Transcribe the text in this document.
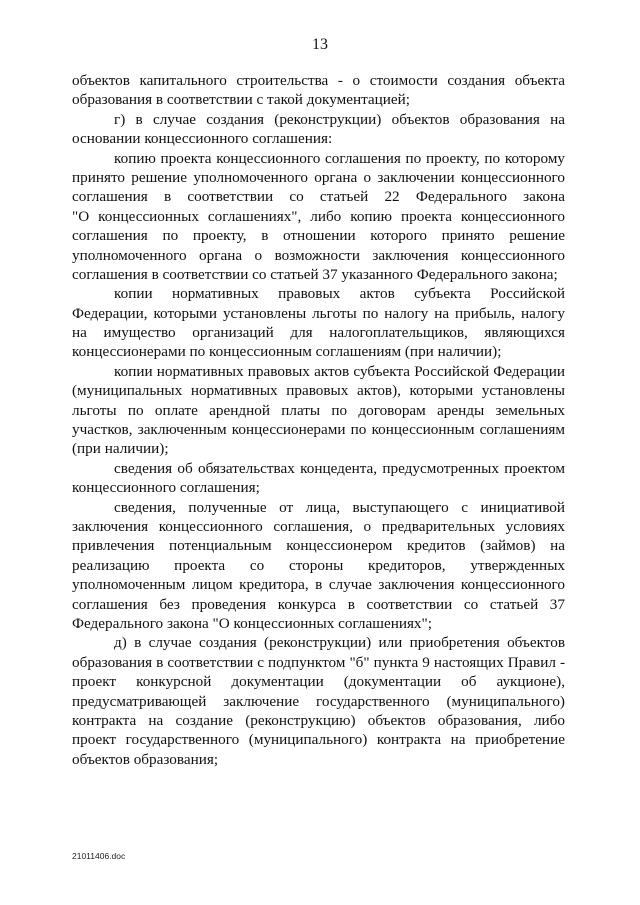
13
объектов капитального строительства - о стоимости создания объекта
образования в соответствии с такой документацией;
г) в случае создания (реконструкции) объектов образования на
основании концессионного соглашения:
копию проекта концессионного соглашения по проекту, по которому
принято решение уполномоченного органа о заключении концессионного
соглашения в соответствии со статьей 22 Федерального закона
"О концессионных соглашениях", либо копию проекта концессионного
соглашения по проекту, в отношении которого принято решение
уполномоченного органа о возможности заключения концессионного
соглашения в соответствии со статьей 37 указанного Федерального закона;
копии нормативных правовых актов субъекта Российской
Федерации, которыми установлены льготы по налогу на прибыль, налогу
на имущество организаций для налогоплательщиков, являющихся
концессионерами по концессионным соглашениям (при наличии);
копии нормативных правовых актов субъекта Российской Федерации
(муниципальных нормативных правовых актов), которыми установлены
льготы по оплате арендной платы по договорам аренды земельных
участков, заключенным концессионерами по концессионным соглашениям
(при наличии);
сведения об обязательствах концедента, предусмотренных проектом
концессионного соглашения;
сведения, полученные от лица, выступающего с инициативой
заключения концессионного соглашения, о предварительных условиях
привлечения потенциальным концессионером кредитов (займов) на
реализацию проекта со стороны кредиторов, утвержденных
уполномоченным лицом кредитора, в случае заключения концессионного
соглашения без проведения конкурса в соответствии со статьей 37
Федерального закона "О концессионных соглашениях";
д) в случае создания (реконструкции) или приобретения объектов
образования в соответствии с подпунктом "б" пункта 9 настоящих Правил -
проект конкурсной документации (документации об аукционе),
предусматривающей заключение государственного (муниципального)
контракта на создание (реконструкцию) объектов образования, либо
проект государственного (муниципального) контракта на приобретение
объектов образования;
21011406.doc
